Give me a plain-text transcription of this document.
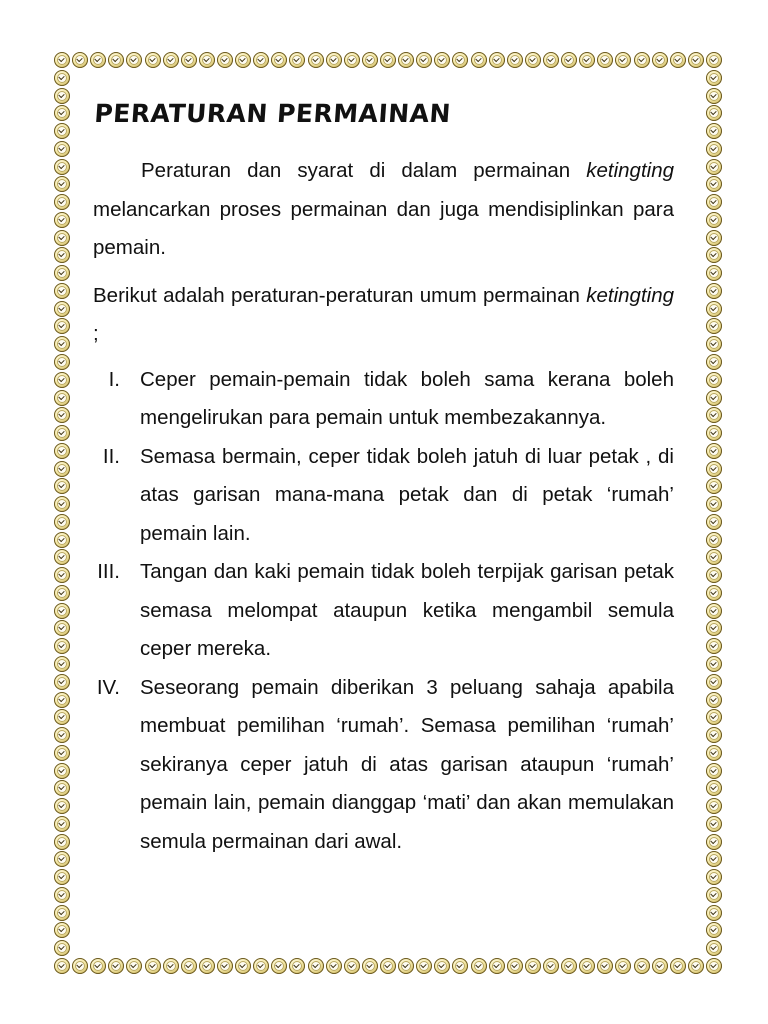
PERATURAN PERMAINAN

Peraturan dan syarat di dalam permainan ketingting melancarkan proses permainan dan juga mendisiplinkan para pemain.

Berikut adalah peraturan-peraturan umum permainan ketingting ;

I. Ceper pemain-pemain tidak boleh sama kerana boleh mengelirukan para pemain untuk membezakannya.
II. Semasa bermain, ceper tidak boleh jatuh di luar petak , di atas garisan mana-mana petak dan di petak ‘rumah’ pemain lain.
III. Tangan dan kaki pemain tidak boleh terpijak garisan petak semasa melompat ataupun ketika mengambil semula ceper mereka.
IV. Seseorang pemain diberikan 3 peluang sahaja apabila membuat pemilihan ‘rumah’. Semasa pemilihan ‘rumah’ sekiranya ceper jatuh di atas garisan ataupun ‘rumah’ pemain lain, pemain dianggap ‘mati’ dan akan memulakan semula permainan dari awal.
